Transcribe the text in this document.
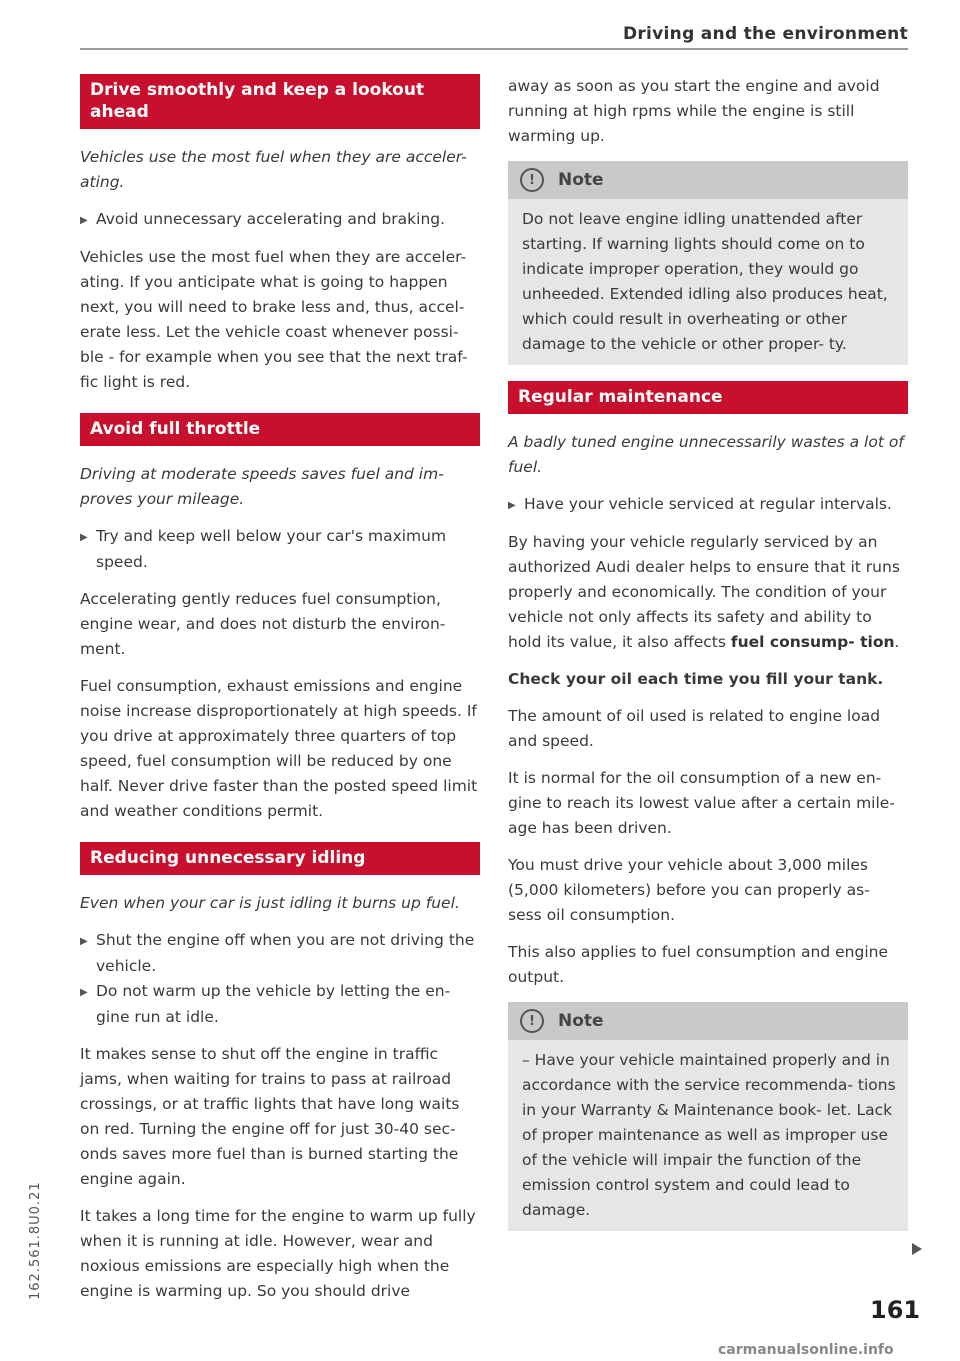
Driving and the environment
Drive smoothly and keep a lookout ahead

Vehicles use the most fuel when they are acceler- ating.

▶ Avoid unnecessary accelerating and braking.

Vehicles use the most fuel when they are acceler- ating. If you anticipate what is going to happen next, you will need to brake less and, thus, accel- erate less. Let the vehicle coast whenever possi- ble - for example when you see that the next traf- fic light is red.

Avoid full throttle

Driving at moderate speeds saves fuel and im- proves your mileage.

▶ Try and keep well below your car's maximum speed.

Accelerating gently reduces fuel consumption, engine wear, and does not disturb the environ- ment.

Fuel consumption, exhaust emissions and engine noise increase disproportionately at high speeds. If you drive at approximately three quarters of top speed, fuel consumption will be reduced by one half. Never drive faster than the posted speed limit and weather conditions permit.

Reducing unnecessary idling

Even when your car is just idling it burns up fuel.

▶ Shut the engine off when you are not driving the vehicle.
▶ Do not warm up the vehicle by letting the en- gine run at idle.

It makes sense to shut off the engine in traffic jams, when waiting for trains to pass at railroad crossings, or at traffic lights that have long waits on red. Turning the engine off for just 30-40 sec- onds saves more fuel than is burned starting the engine again.

It takes a long time for the engine to warm up fully when it is running at idle. However, wear and noxious emissions are especially high when the engine is warming up. So you should drive

away as soon as you start the engine and avoid running at high rpms while the engine is still warming up.

!	Note
Do not leave engine idling unattended after starting. If warning lights should come on to indicate improper operation, they would go unheeded. Extended idling also produces heat, which could result in overheating or other damage to the vehicle or other proper- ty.
Regular maintenance

A badly tuned engine unnecessarily wastes a lot of fuel.

▶ Have your vehicle serviced at regular intervals.

By having your vehicle regularly serviced by an authorized Audi dealer helps to ensure that it runs properly and economically. The condition of your vehicle not only affects its safety and ability to hold its value, it also affects fuel consump- tion.

Check your oil each time you fill your tank.

The amount of oil used is related to engine load and speed.

It is normal for the oil consumption of a new en- gine to reach its lowest value after a certain mile- age has been driven.

You must drive your vehicle about 3,000 miles (5,000 kilometers) before you can properly as- sess oil consumption.

This also applies to fuel consumption and engine output.

!	Note
– Have your vehicle maintained properly and in accordance with the service recommenda- tions in your Warranty & Maintenance book- let. Lack of proper maintenance as well as improper use of the vehicle will impair the function of the emission control system and could lead to damage.
161
162.561.8U0.21
carmanualsonline.info
